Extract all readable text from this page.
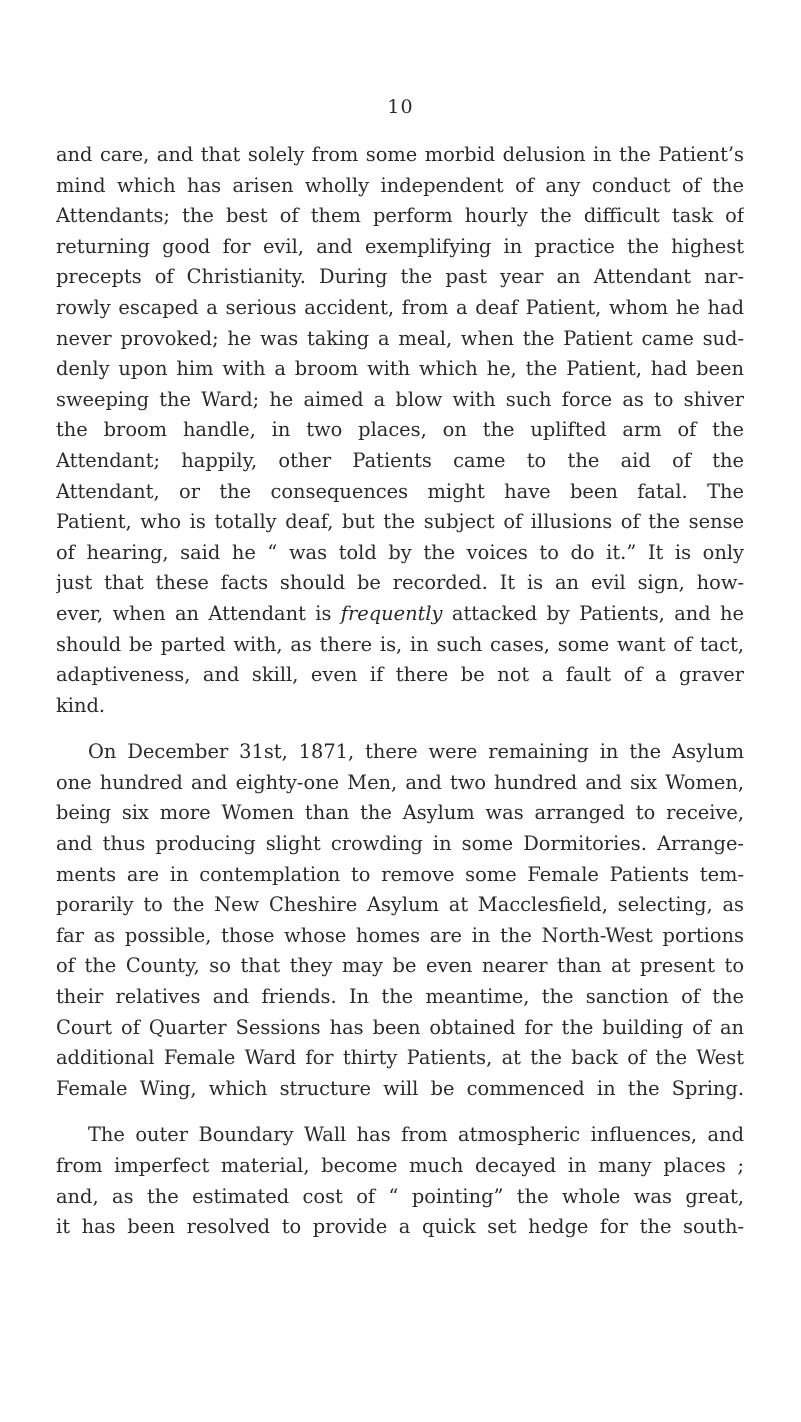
10
and care, and that solely from some morbid delusion in the Patient’s
mind which has arisen wholly independent of any conduct of the
Attendants; the best of them perform hourly the difficult task of
returning good for evil, and exemplifying in practice the highest
precepts of Christianity. During the past year an Attendant nar-
rowly escaped a serious accident, from a deaf Patient, whom he had
never provoked; he was taking a meal, when the Patient came sud-
denly upon him with a broom with which he, the Patient, had been
sweeping the Ward; he aimed a blow with such force as to shiver
the broom handle, in two places, on the uplifted arm of the
Attendant; happily, other Patients came to the aid of the
Attendant, or the consequences might have been fatal. The
Patient, who is totally deaf, but the subject of illusions of the sense
of hearing, said he “ was told by the voices to do it.” It is only
just that these facts should be recorded. It is an evil sign, how-
ever, when an Attendant is frequently attacked by Patients, and he
should be parted with, as there is, in such cases, some want of tact,
adaptiveness, and skill, even if there be not a fault of a graver
kind.
On December 31st, 1871, there were remaining in the Asylum
one hundred and eighty-one Men, and two hundred and six Women,
being six more Women than the Asylum was arranged to receive,
and thus producing slight crowding in some Dormitories. Arrange-
ments are in contemplation to remove some Female Patients tem-
porarily to the New Cheshire Asylum at Macclesfield, selecting, as
far as possible, those whose homes are in the North-West portions
of the County, so that they may be even nearer than at present to
their relatives and friends. In the meantime, the sanction of the
Court of Quarter Sessions has been obtained for the building of an
additional Female Ward for thirty Patients, at the back of the West
Female Wing, which structure will be commenced in the Spring.
The outer Boundary Wall has from atmospheric influences, and
from imperfect material, become much decayed in many places ;
and, as the estimated cost of “ pointing” the whole was great,
it has been resolved to provide a quick set hedge for the south-
